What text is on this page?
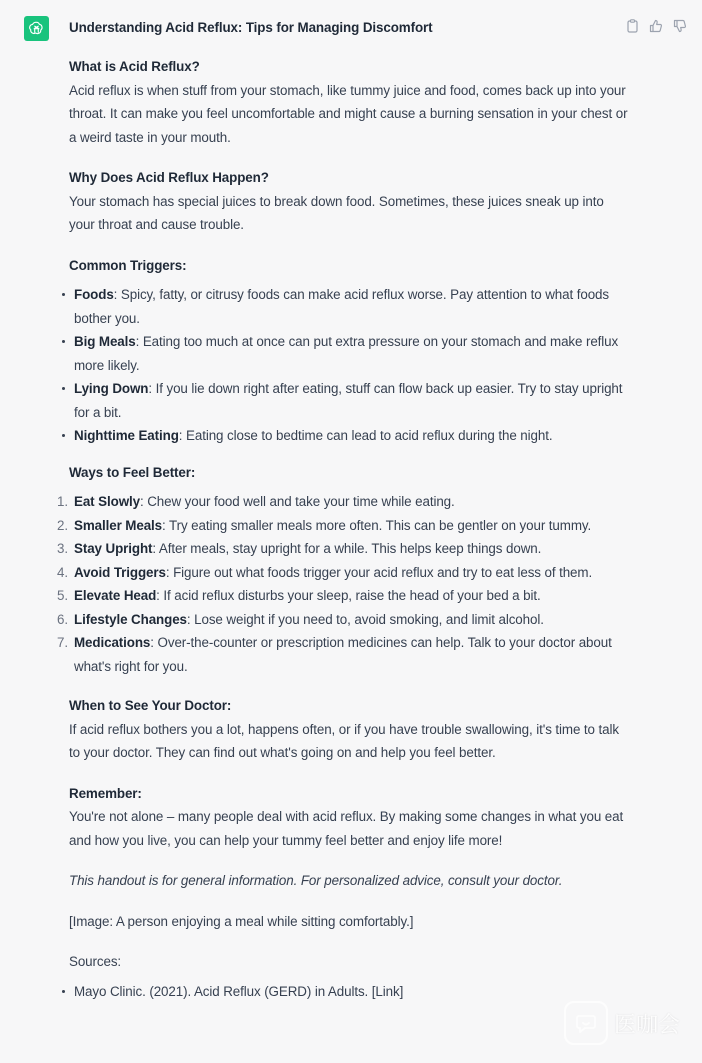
Understanding Acid Reflux: Tips for Managing Discomfort

What is Acid Reflux?

Acid reflux is when stuff from your stomach, like tummy juice and food, comes back up into your throat. It can make you feel uncomfortable and might cause a burning sensation in your chest or a weird taste in your mouth.

Why Does Acid Reflux Happen?

Your stomach has special juices to break down food. Sometimes, these juices sneak up into your throat and cause trouble.

Common Triggers:

Foods: Spicy, fatty, or citrusy foods can make acid reflux worse. Pay attention to what foods bother you.
Big Meals: Eating too much at once can put extra pressure on your stomach and make reflux more likely.
Lying Down: If you lie down right after eating, stuff can flow back up easier. Try to stay upright for a bit.
Nighttime Eating: Eating close to bedtime can lead to acid reflux during the night.

Ways to Feel Better:

1. Eat Slowly: Chew your food well and take your time while eating.
2. Smaller Meals: Try eating smaller meals more often. This can be gentler on your tummy.
3. Stay Upright: After meals, stay upright for a while. This helps keep things down.
4. Avoid Triggers: Figure out what foods trigger your acid reflux and try to eat less of them.
5. Elevate Head: If acid reflux disturbs your sleep, raise the head of your bed a bit.
6. Lifestyle Changes: Lose weight if you need to, avoid smoking, and limit alcohol.
7. Medications: Over-the-counter or prescription medicines can help. Talk to your doctor about what's right for you.

When to See Your Doctor:

If acid reflux bothers you a lot, happens often, or if you have trouble swallowing, it's time to talk to your doctor. They can find out what's going on and help you feel better.

Remember:

You're not alone – many people deal with acid reflux. By making some changes in what you eat and how you live, you can help your tummy feel better and enjoy life more!

This handout is for general information. For personalized advice, consult your doctor.

[Image: A person enjoying a meal while sitting comfortably.]

Sources:

Mayo Clinic. (2021). Acid Reflux (GERD) in Adults. [Link]
医咖会
